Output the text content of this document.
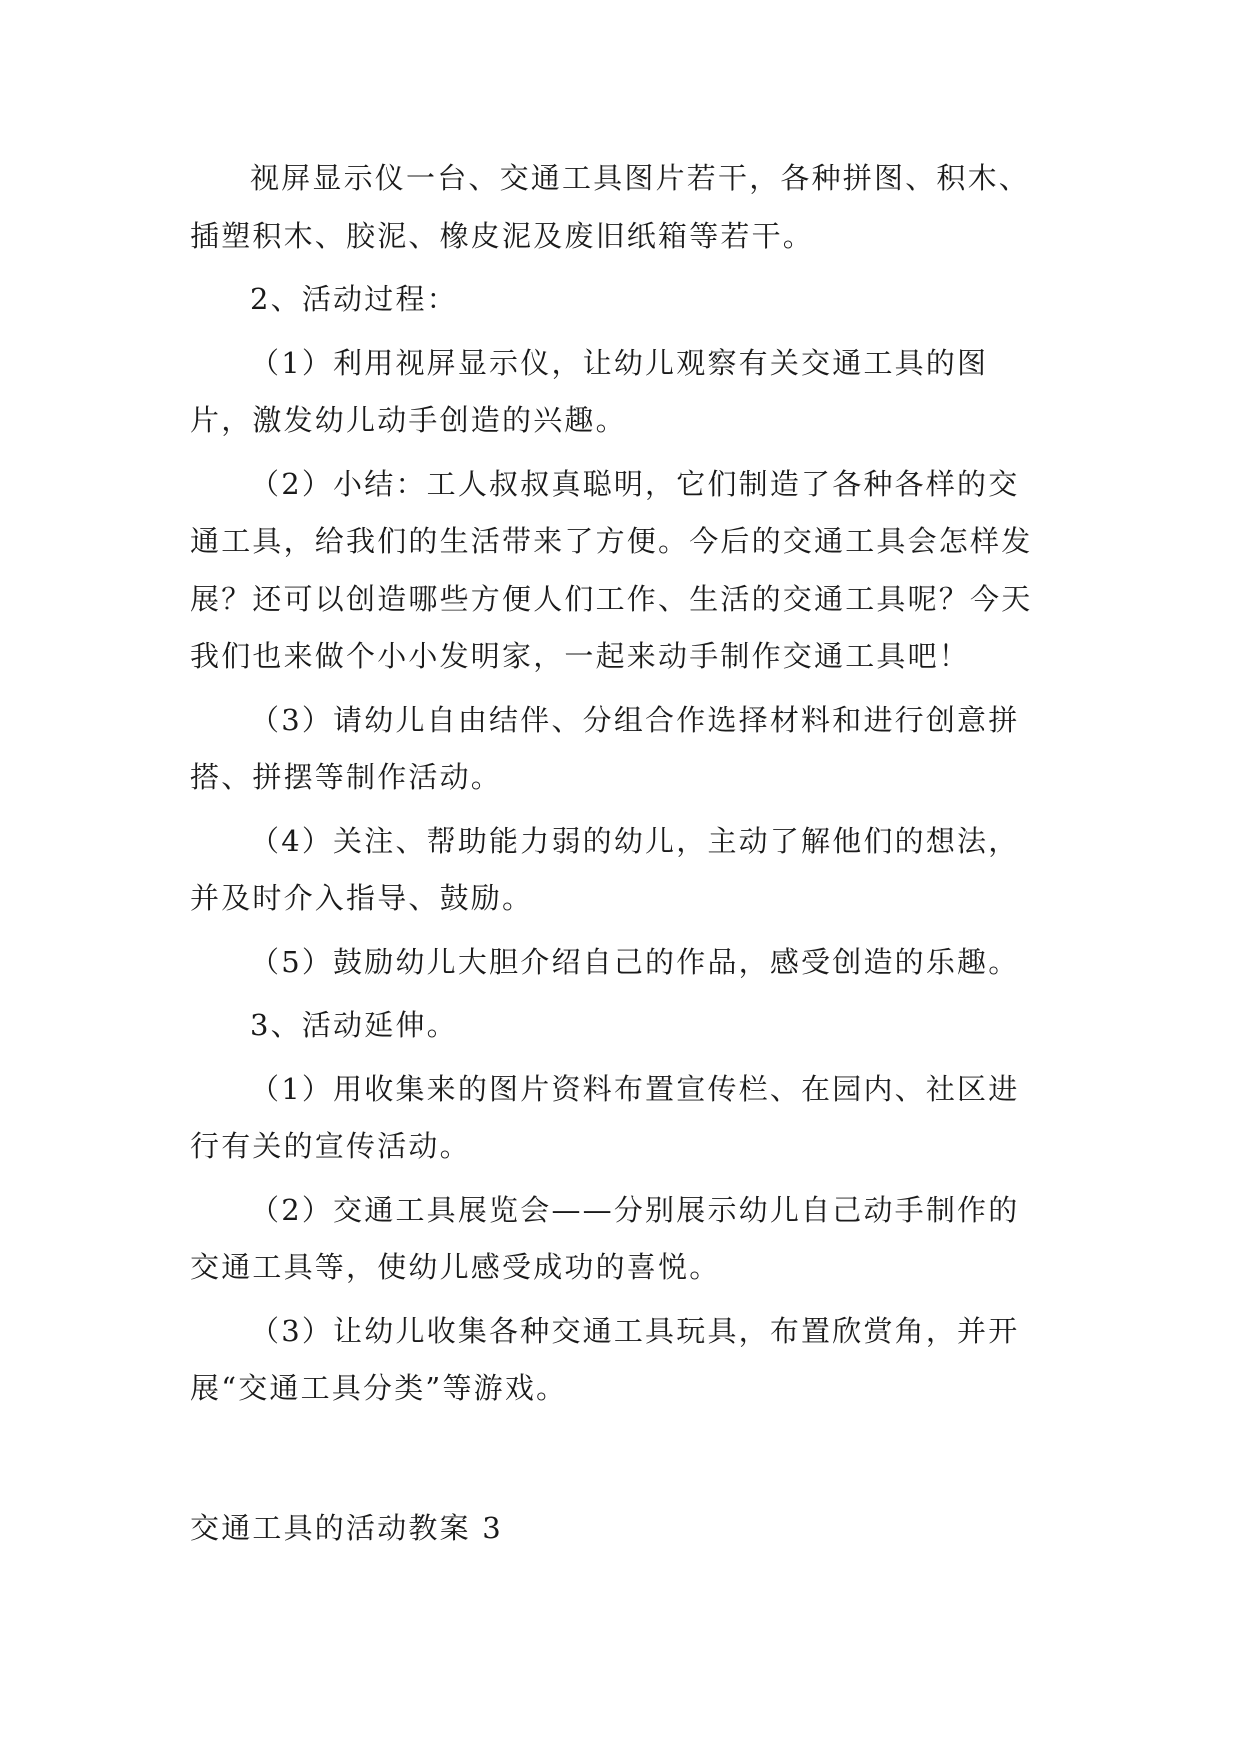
视屏显示仪一台、交通工具图片若干，各种拼图、积木、插塑积木、胶泥、橡皮泥及废旧纸箱等若干。

2、活动过程：

（1）利用视屏显示仪，让幼儿观察有关交通工具的图片，激发幼儿动手创造的兴趣。

（2）小结：工人叔叔真聪明，它们制造了各种各样的交通工具，给我们的生活带来了方便。今后的交通工具会怎样发展？还可以创造哪些方便人们工作、生活的交通工具呢？今天我们也来做个小小发明家，一起来动手制作交通工具吧！

（3）请幼儿自由结伴、分组合作选择材料和进行创意拼搭、拼摆等制作活动。

（4）关注、帮助能力弱的幼儿，主动了解他们的想法，并及时介入指导、鼓励。

（5）鼓励幼儿大胆介绍自己的作品，感受创造的乐趣。

3、活动延伸。

（1）用收集来的图片资料布置宣传栏、在园内、社区进行有关的宣传活动。

（2）交通工具展览会——分别展示幼儿自己动手制作的交通工具等，使幼儿感受成功的喜悦。

（3）让幼儿收集各种交通工具玩具，布置欣赏角，并开展“交通工具分类”等游戏。

交通工具的活动教案 3
